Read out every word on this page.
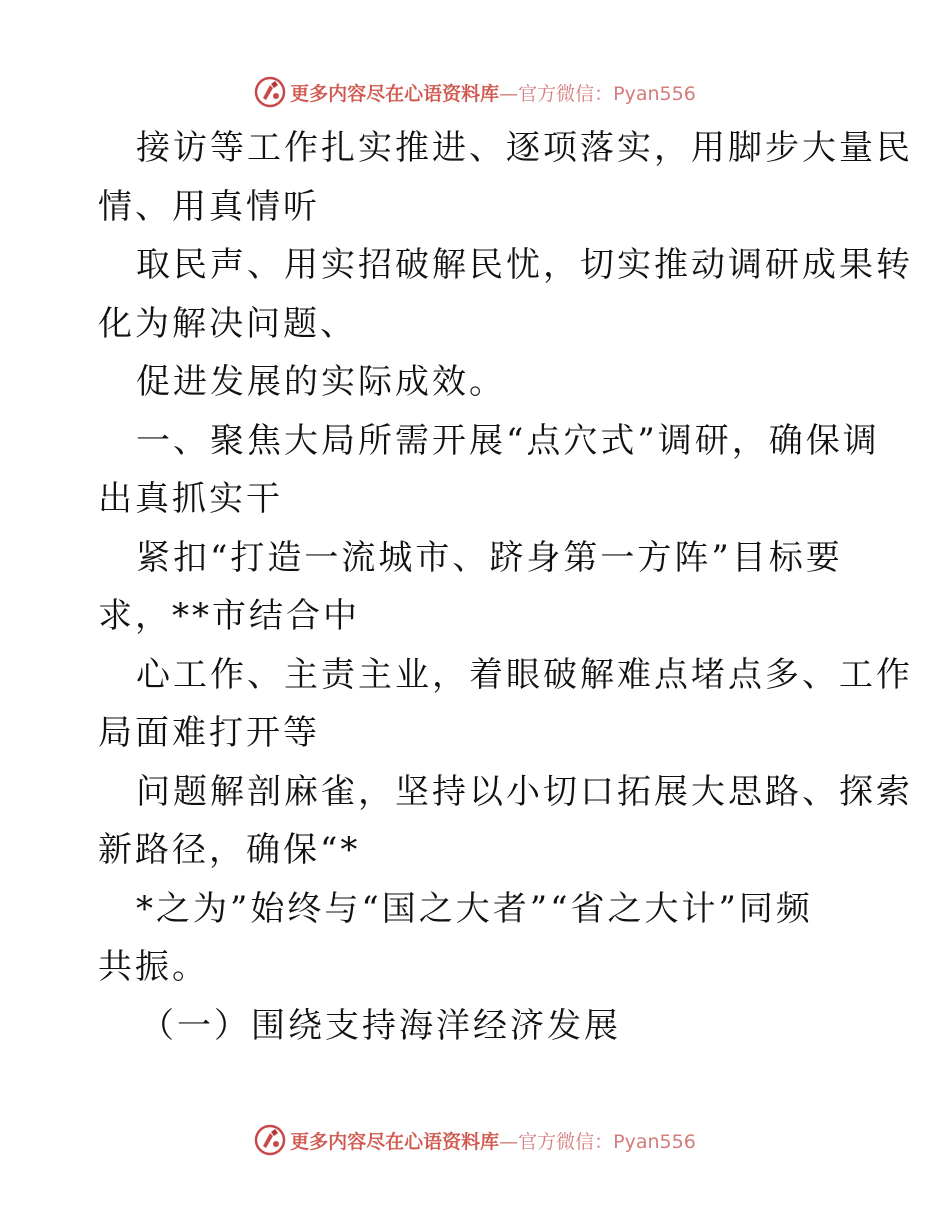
更多内容尽在心语资料库—官方微信：Pyan556
接访等工作扎实推进、逐项落实，用脚步大量民
情、用真情听
取民声、用实招破解民忧，切实推动调研成果转
化为解决问题、
促进发展的实际成效。
一、聚焦大局所需开展“点穴式”调研，确保调
出真抓实干
紧扣“打造一流城市、跻身第一方阵”目标要
求，**市结合中
心工作、主责主业，着眼破解难点堵点多、工作
局面难打开等
问题解剖麻雀，坚持以小切口拓展大思路、探索
新路径，确保“*
*之为”始终与“国之大者”“省之大计”同频
共振。
（一）围绕支持海洋经济发展
更多内容尽在心语资料库—官方微信：Pyan556
